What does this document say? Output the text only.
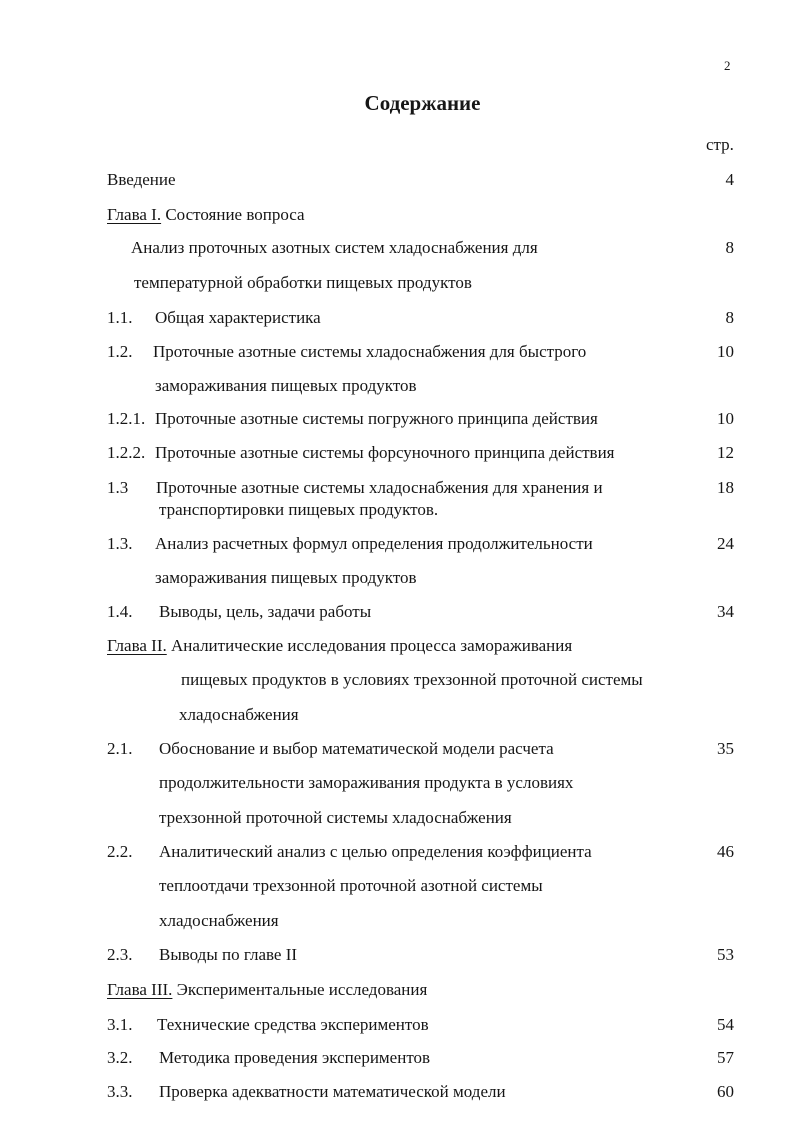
2
Содержание
стр.
Введение	4
Глава I. Состояние вопроса
Анализ проточных азотных систем хладоснабжения для	8
температурной обработки пищевых продуктов
1.1. Общая характеристика	8
1.2. Проточные азотные системы хладоснабжения для быстрого	10
замораживания пищевых продуктов
1.2.1. Проточные азотные системы погружного принципа действия	10
1.2.2. Проточные азотные системы форсуночного принципа действия	12
1.3 Проточные азотные системы хладоснабжения для хранения и	18
транспортировки пищевых продуктов.
1.3. Анализ расчетных формул определения продолжительности	24
замораживания пищевых продуктов
1.4. Выводы, цель, задачи работы	34
Глава II. Аналитические исследования процесса замораживания
пищевых продуктов в условиях трехзонной проточной системы
хладоснабжения
2.1. Обоснование и выбор математической модели расчета	35
продолжительности замораживания продукта в условиях
трехзонной проточной системы хладоснабжения
2.2. Аналитический анализ с целью определения коэффициента	46
теплоотдачи трехзонной проточной азотной системы
хладоснабжения
2.3. Выводы по главе II	53
Глава III. Экспериментальные исследования
3.1. Технические средства экспериментов	54
3.2. Методика проведения экспериментов	57
3.3. Проверка адекватности математической модели	60
